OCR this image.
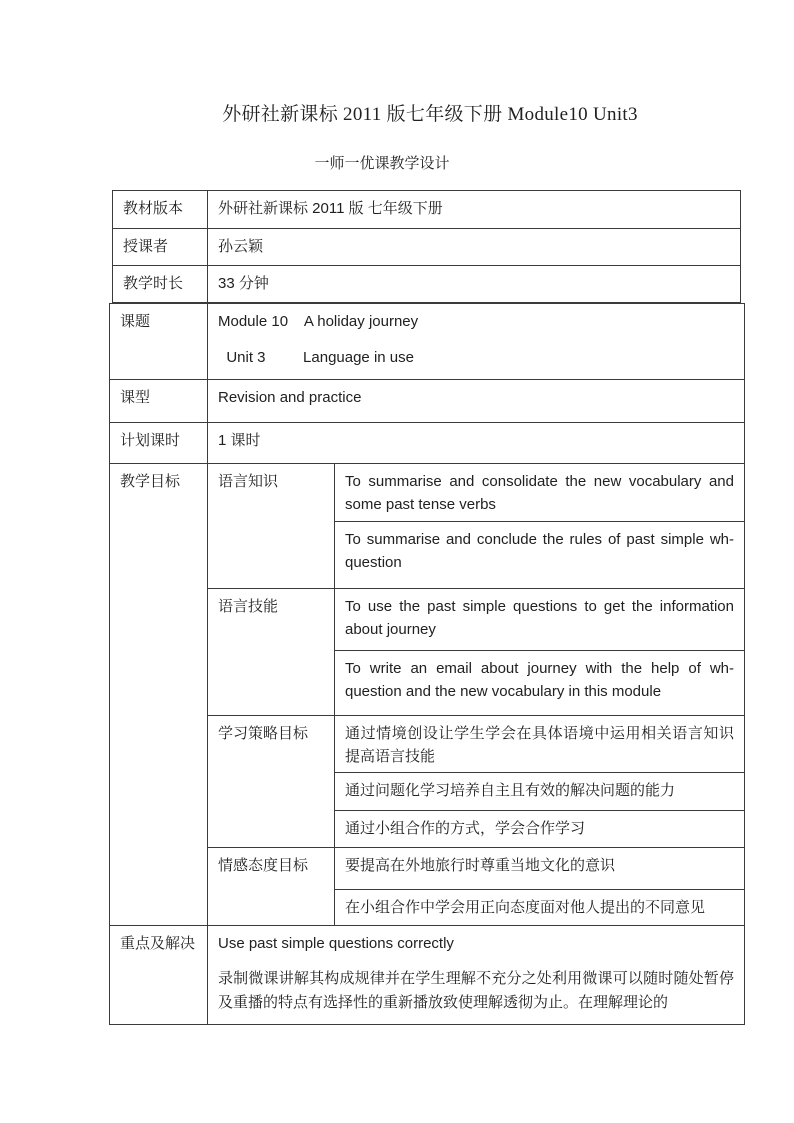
外研社新课标 2011 版七年级下册 Module10 Unit3
一师一优课教学设计
教材版本	外研社新课标 2011 版 七年级下册
授课者	孙云颖
教学时长	33 分钟
课题	Module 10    A holiday journey
Unit 3         Language in use	

课型	Revision and practice	
计划课时	1 课时	
教学目标	语言知识	To summarise and consolidate the new vocabulary and some past tense verbs
		To summarise and conclude the rules of past simple wh-question
	语言技能	To use the past simple questions to get the information about journey
		To write an email about journey with the help of wh-question and the new vocabulary in this module
	学习策略目标	通过情境创设让学生学会在具体语境中运用相关语言知识提高语言技能
		通过问题化学习培养自主且有效的解决问题的能力
		通过小组合作的方式，学会合作学习
	情感态度目标	要提高在外地旅行时尊重当地文化的意识
		在小组合作中学会用正向态度面对他人提出的不同意见
重点及解决	Use past simple questions correctly
录制微课讲解其构成规律并在学生理解不充分之处利用微课可以随时随处暂停及重播的特点有选择性的重新播放致使理解透彻为止。在理解理论的	
